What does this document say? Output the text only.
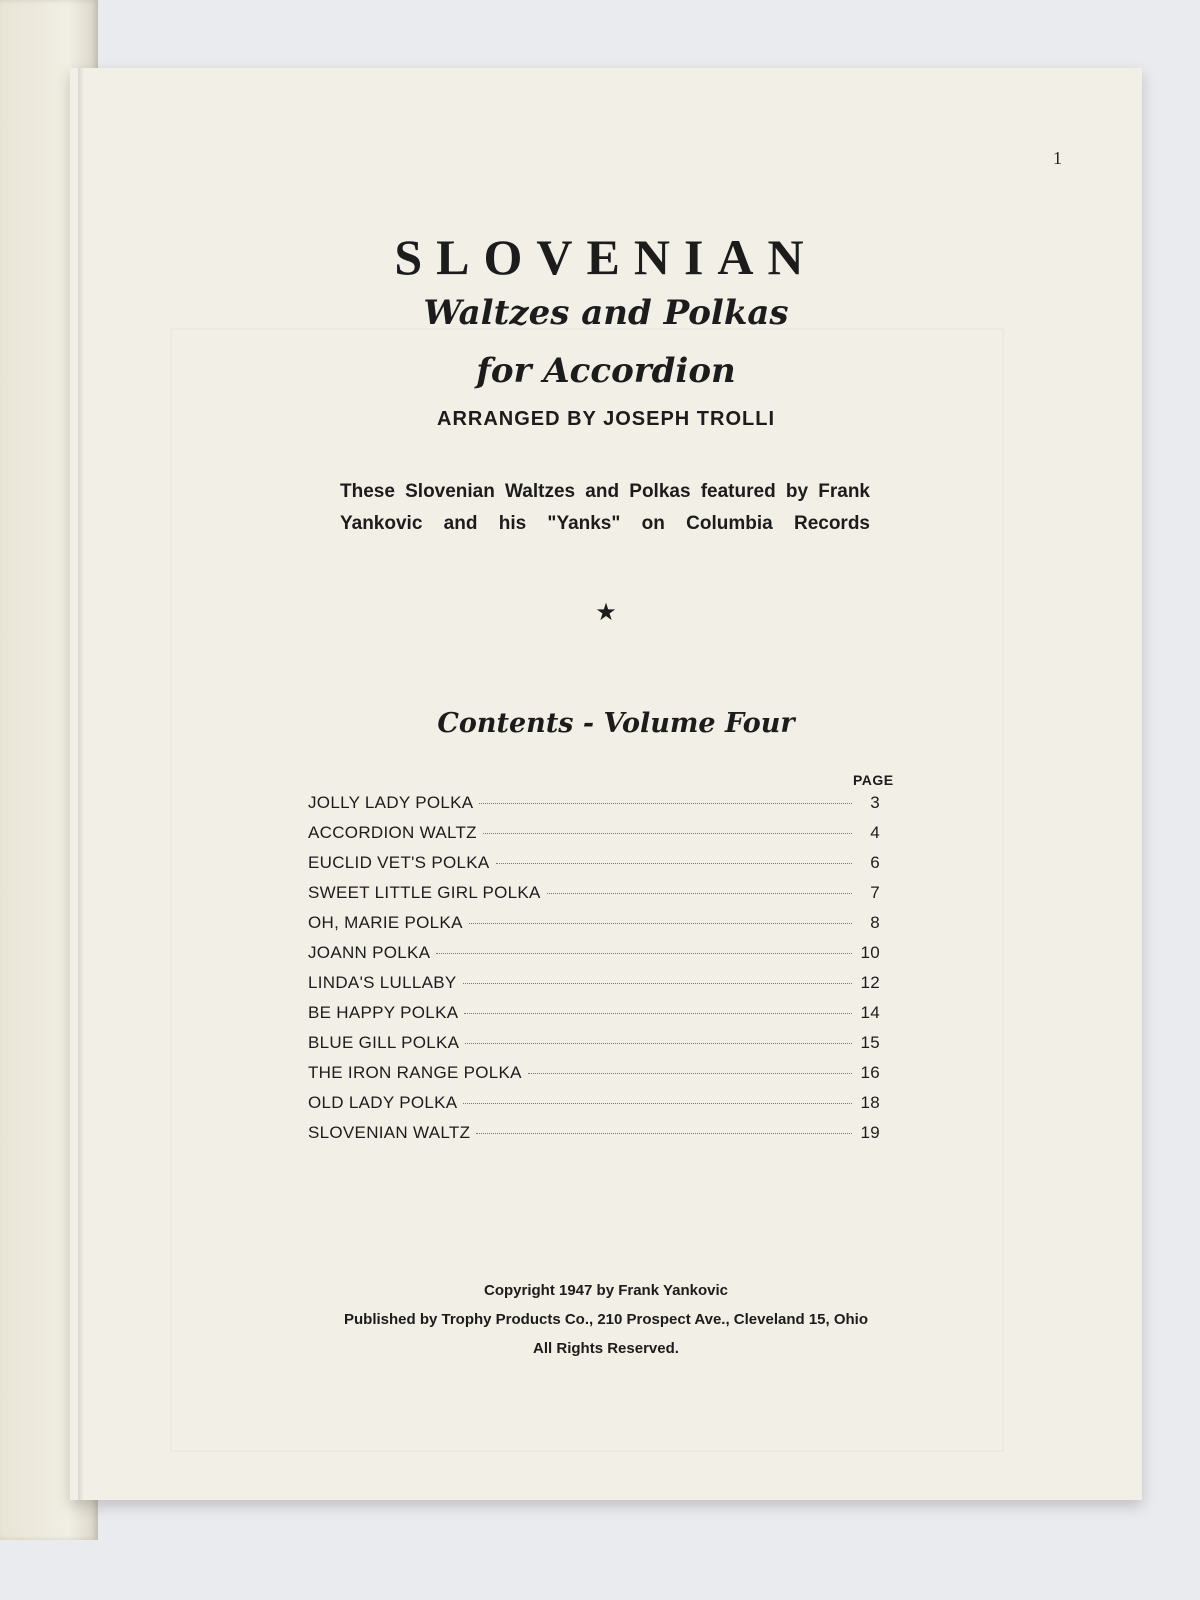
1
SLOVENIAN
Waltzes and Polkas
for Accordion
ARRANGED BY JOSEPH TROLLI
These Slovenian Waltzes and Polkas featured by Frank Yankovic and his "Yanks" on Columbia Records
★
Contents - Volume Four
PAGE
JOLLY LADY POLKA	3
ACCORDION WALTZ	4
EUCLID VET'S POLKA	6
SWEET LITTLE GIRL POLKA	7
OH, MARIE POLKA	8
JOANN POLKA	10
LINDA'S LULLABY	12
BE HAPPY POLKA	14
BLUE GILL POLKA	15
THE IRON RANGE POLKA	16
OLD LADY POLKA	18
SLOVENIAN WALTZ	19
Copyright 1947 by Frank Yankovic
Published by Trophy Products Co., 210 Prospect Ave., Cleveland 15, Ohio
All Rights Reserved.
